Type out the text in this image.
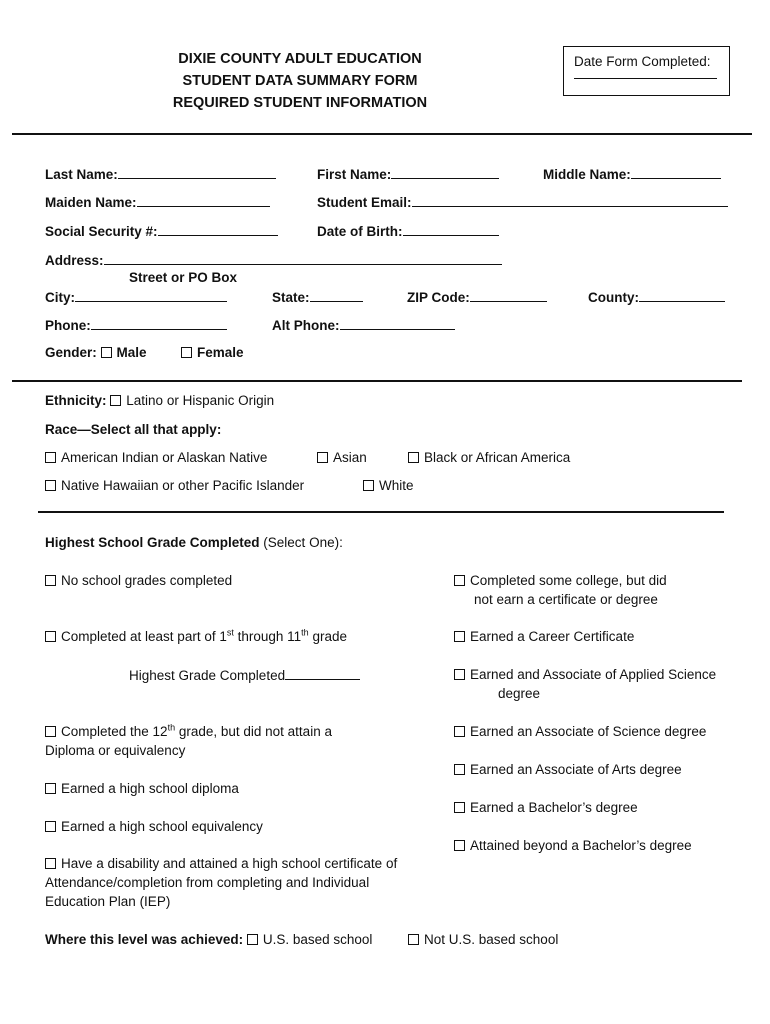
DIXIE COUNTY ADULT EDUCATION
STUDENT DATA SUMMARY FORM
REQUIRED STUDENT INFORMATION
Date Form Completed:
Last Name:	First Name:	Middle Name:
Maiden Name:	Student Email:
Social Security #:	Date of Birth:
Address:
Street or PO Box
City:	State:	ZIP Code:	County:
Phone:	Alt Phone:
Gender: Male	Female
Ethnicity: Latino or Hispanic Origin
Race—Select all that apply:
American Indian or Alaskan Native	Asian	Black or African America
Native Hawaiian or other Pacific Islander	White
Highest School Grade Completed (Select One):
No school grades completed
Completed at least part of 1st through 11th grade
Highest Grade Completed
Completed the 12th grade, but did not attain a
Diploma or equivalency
Earned a high school diploma
Earned a high school equivalency
Have a disability and attained a high school certificate of
Attendance/completion from completing and Individual
Education Plan (IEP)
Completed some college, but did
not earn a certificate or degree
Earned a Career Certificate
Earned and Associate of Applied Science
degree
Earned an Associate of Science degree
Earned an Associate of Arts degree
Earned a Bachelor’s degree
Attained beyond a Bachelor’s degree
Where this level was achieved: U.S. based school	Not U.S. based school
